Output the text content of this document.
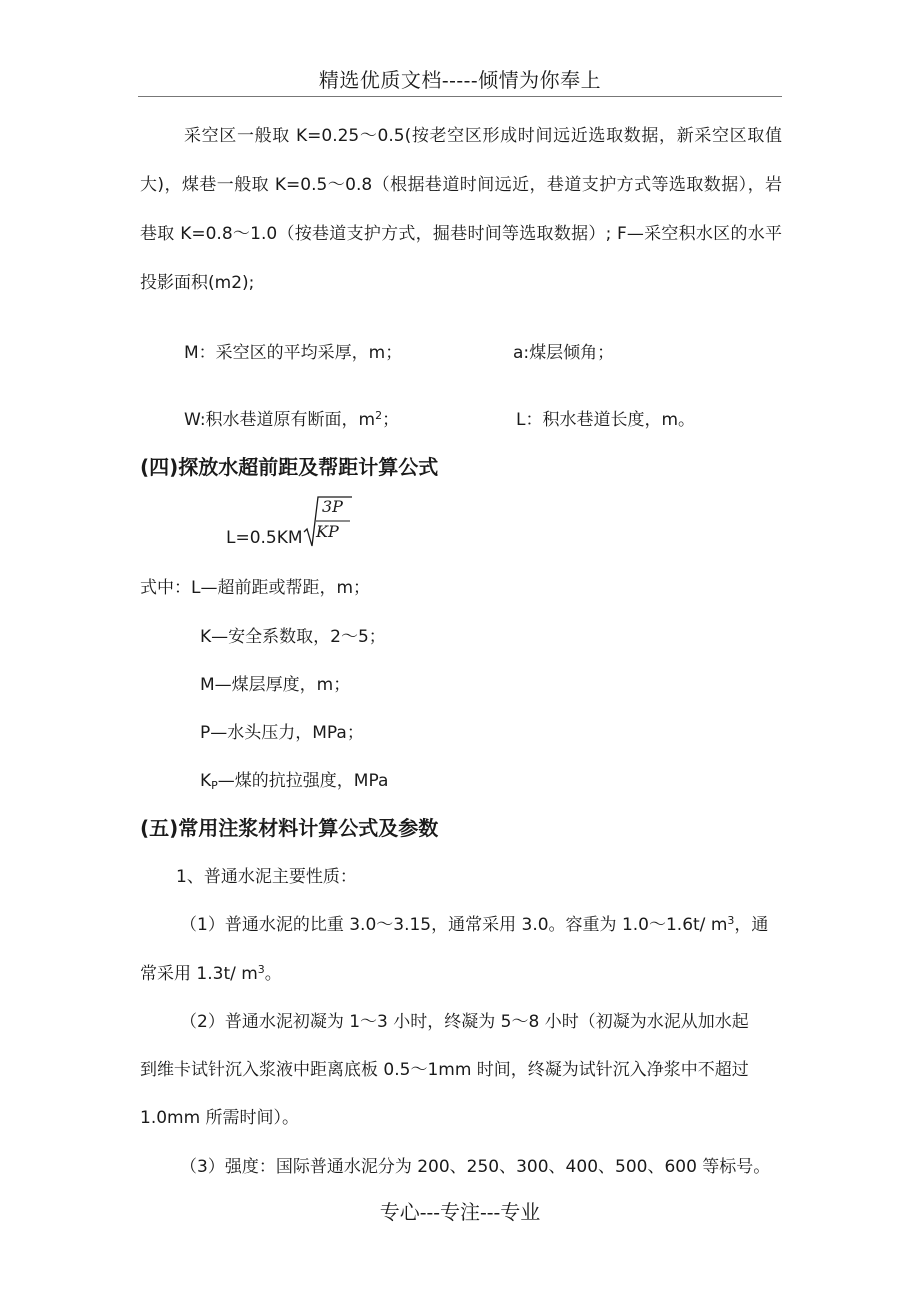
精选优质文档-----倾情为你奉上
采空区一般取 K=0.25～0.5(按老空区形成时间远近选取数据，新采空区取值大)，煤巷一般取 K=0.5～0.8（根据巷道时间远近，巷道支护方式等选取数据），岩巷取 K=0.8～1.0（按巷道支护方式，掘巷时间等选取数据）; F—采空积水区的水平投影面积(m2);
M：采空区的平均采厚，m；	a:煤层倾角；
W:积水巷道原有断面，$m^2$；	L：积水巷道长度，m。
(四)探放水超前距及帮距计算公式
L=0.5KM
3P
KP
式中：L—超前距或帮距，m；
K—安全系数取，2～5；
M—煤层厚度，m；
P—水头压力，MPa；
$K_P—$煤的抗拉强度，MPa
(五)常用注浆材料计算公式及参数
1、普通水泥主要性质：
（1）普通水泥的比重 3.0～3.15，通常采用 3.0。容重为 1.0～1.6t/ $m^3$，通
常采用 1.3t/ $m^3$。
（2）普通水泥初凝为 1～3 小时，终凝为 5～8 小时（初凝为水泥从加水起
到维卡试针沉入浆液中距离底板 0.5～1mm 时间，终凝为试针沉入净浆中不超过
1.0mm 所需时间）。
（3）强度：国际普通水泥分为 200、250、300、400、500、600 等标号。
专心---专注---专业
